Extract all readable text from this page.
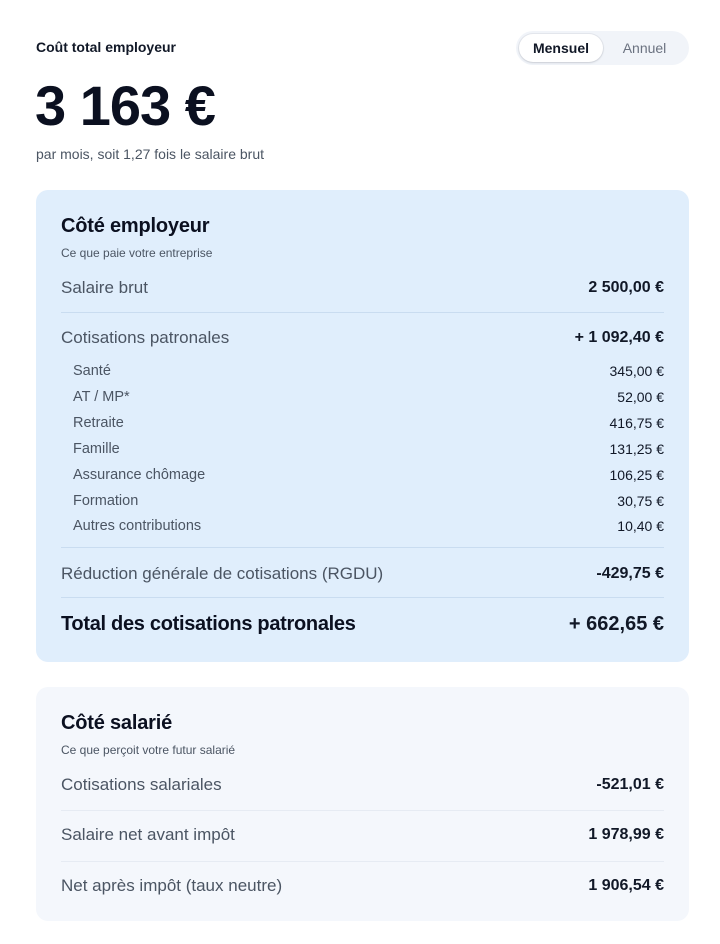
Coût total employeur	Mensuel	Annuel
3 163 €
par mois, soit 1,27 fois le salaire brut
Côté employeur
Ce que paie votre entreprise
Salaire brut	2 500,00 €
Cotisations patronales	+ 1 092,40 €
Santé	345,00 €
AT / MP*	52,00 €
Retraite	416,75 €
Famille	131,25 €
Assurance chômage	106,25 €
Formation	30,75 €
Autres contributions	10,40 €
Réduction générale de cotisations (RGDU)	-429,75 €
Total des cotisations patronales	+ 662,65 €
Côté salarié
Ce que perçoit votre futur salarié
Cotisations salariales	-521,01 €
Salaire net avant impôt	1 978,99 €
Net après impôt (taux neutre)	1 906,54 €
